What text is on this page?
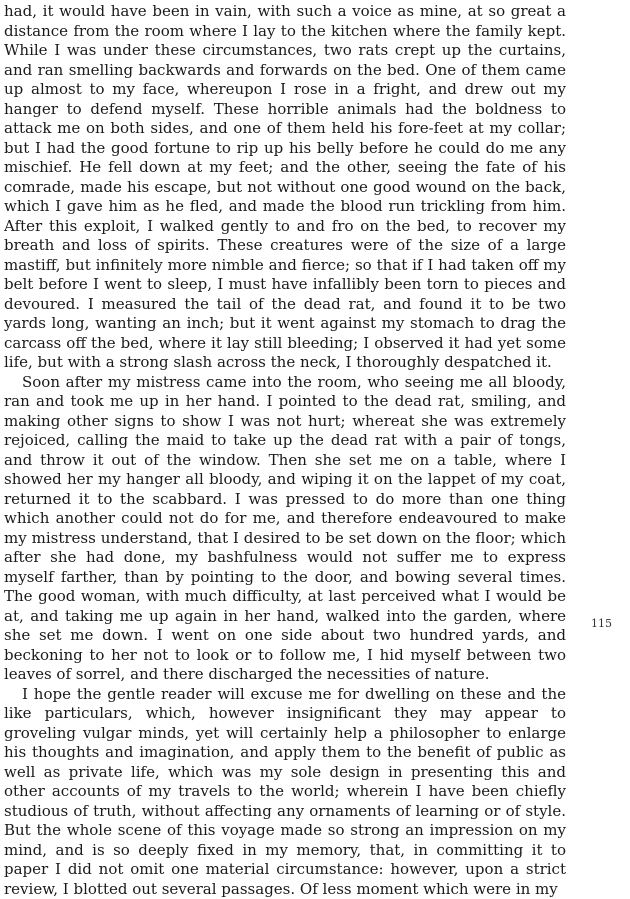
had, it would have been in vain, with such a voice as mine, at so great a distance from the room where I lay to the kitchen where the family kept. While I was under these circumstances, two rats crept up the curtains, and ran smelling backwards and forwards on the bed. One of them came up almost to my face, whereupon I rose in a fright, and drew out my hanger to defend myself. These horrible animals had the boldness to attack me on both sides, and one of them held his fore-feet at my collar; but I had the good fortune to rip up his belly before he could do me any mischief. He fell down at my feet; and the other, seeing the fate of his comrade, made his escape, but not without one good wound on the back, which I gave him as he fled, and made the blood run trickling from him. After this exploit, I walked gently to and fro on the bed, to recover my breath and loss of spirits. These creatures were of the size of a large mastiff, but infinitely more nimble and fierce; so that if I had taken off my belt before I went to sleep, I must have infallibly been torn to pieces and devoured. I measured the tail of the dead rat, and found it to be two yards long, wanting an inch; but it went against my stomach to drag the carcass off the bed, where it lay still bleeding; I observed it had yet some life, but with a strong slash across the neck, I thoroughly despatched it.

Soon after my mistress came into the room, who seeing me all bloody, ran and took me up in her hand. I pointed to the dead rat, smiling, and making other signs to show I was not hurt; whereat she was extremely rejoiced, calling the maid to take up the dead rat with a pair of tongs, and throw it out of the window. Then she set me on a table, where I showed her my hanger all bloody, and wiping it on the lappet of my coat, returned it to the scabbard. I was pressed to do more than one thing which another could not do for me, and therefore endeavoured to make my mistress understand, that I desired to be set down on the floor; which after she had done, my bashfulness would not suffer me to express myself farther, than by pointing to the door, and bowing several times. The good woman, with much difficulty, at last perceived what I would be at, and taking me up again in her hand, walked into the garden, where she set me down. I went on one side about two hundred yards, and beckoning to her not to look or to follow me, I hid myself between two leaves of sorrel, and there discharged the necessities of nature.

I hope the gentle reader will excuse me for dwelling on these and the like particulars, which, however insignificant they may appear to groveling vulgar minds, yet will certainly help a philosopher to enlarge his thoughts and imagination, and apply them to the benefit of public as well as private life, which was my sole design in presenting this and other accounts of my travels to the world; wherein I have been chiefly studious of truth, without affecting any ornaments of learning or of style. But the whole scene of this voyage made so strong an impression on my mind, and is so deeply fixed in my memory, that, in committing it to paper I did not omit one material circumstance: however, upon a strict review, I blotted out several passages. Of less moment which were in my

115
